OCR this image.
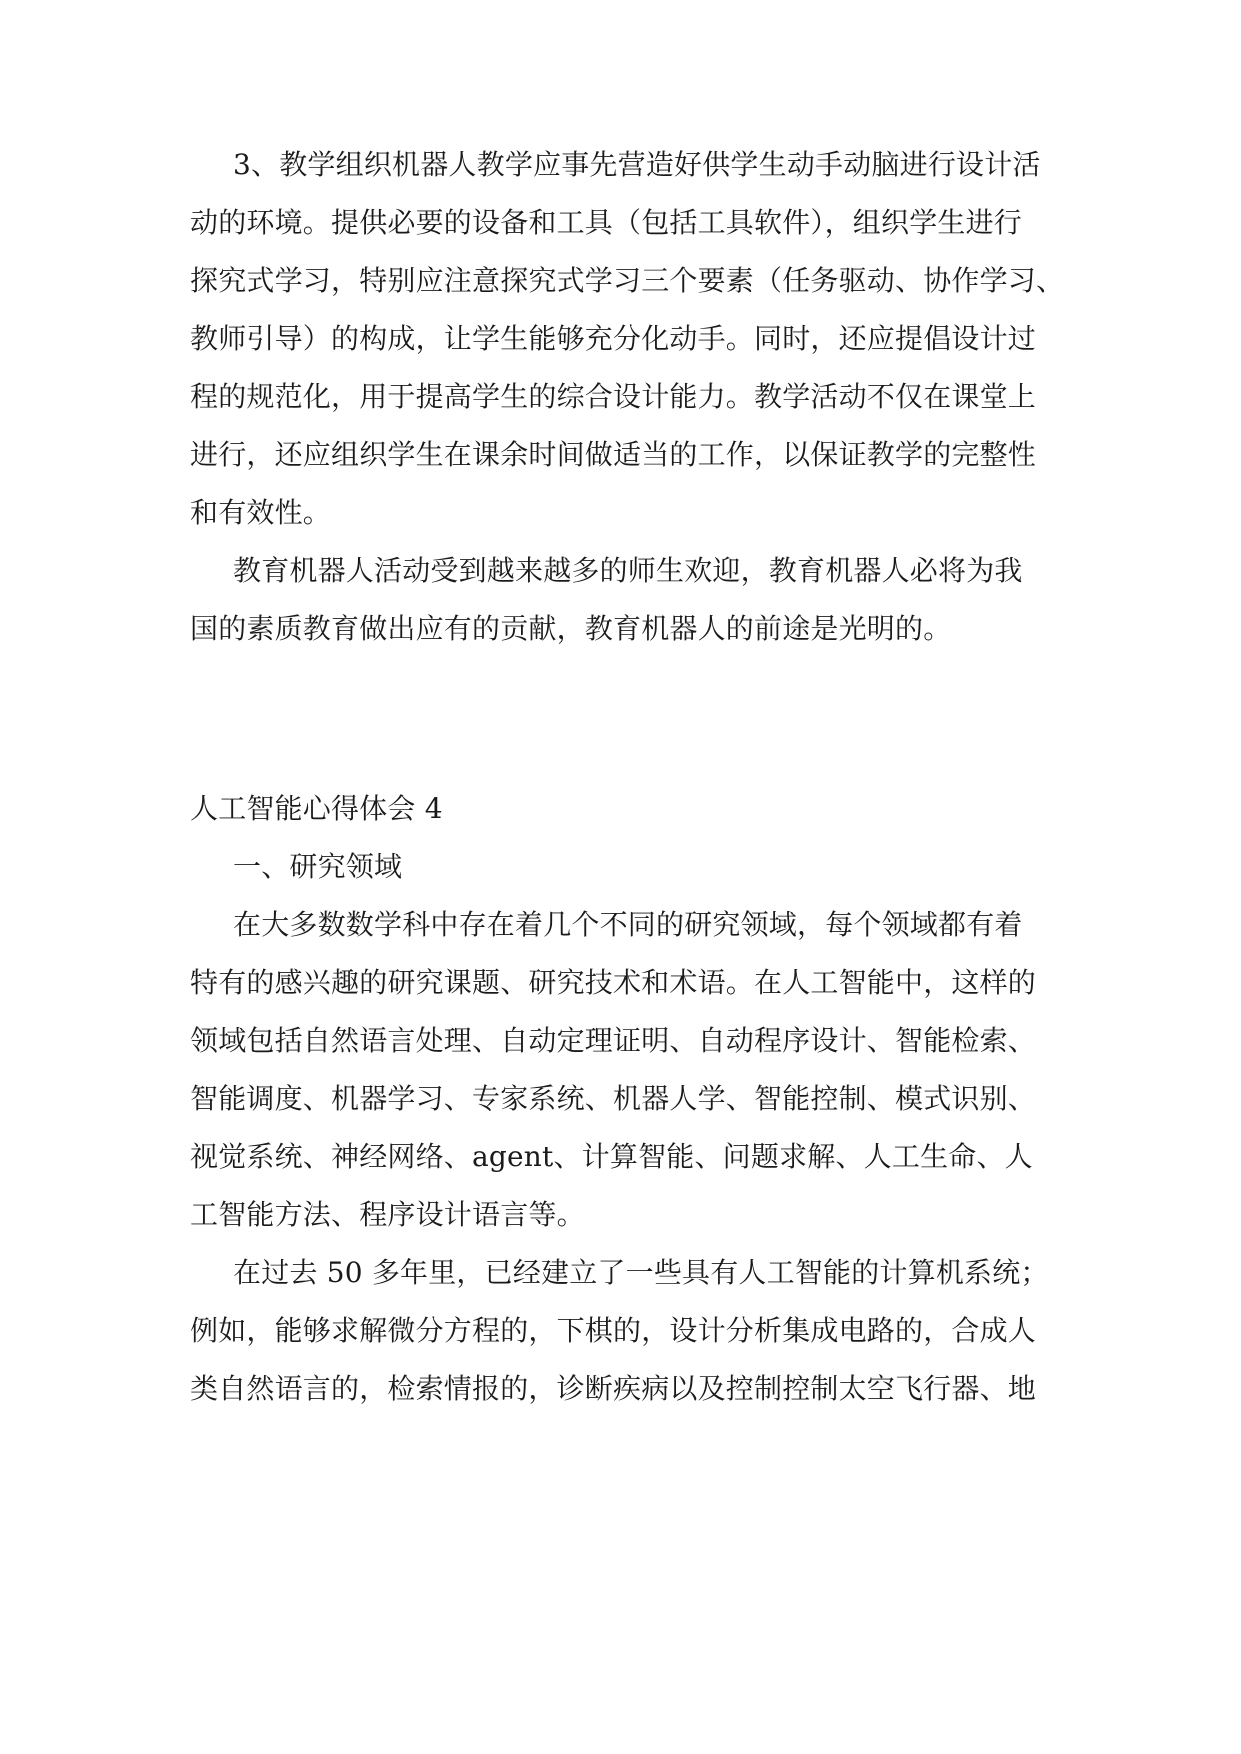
3、教学组织机器人教学应事先营造好供学生动手动脑进行设计活
动的环境。提供必要的设备和工具（包括工具软件），组织学生进行
探究式学习，特别应注意探究式学习三个要素（任务驱动、协作学习、
教师引导）的构成，让学生能够充分化动手。同时，还应提倡设计过
程的规范化，用于提高学生的综合设计能力。教学活动不仅在课堂上
进行，还应组织学生在课余时间做适当的工作，以保证教学的完整性
和有效性。
教育机器人活动受到越来越多的师生欢迎，教育机器人必将为我
国的素质教育做出应有的贡献，教育机器人的前途是光明的。
人工智能心得体会 4
一、研究领域
在大多数数学科中存在着几个不同的研究领域，每个领域都有着
特有的感兴趣的研究课题、研究技术和术语。在人工智能中，这样的
领域包括自然语言处理、自动定理证明、自动程序设计、智能检索、
智能调度、机器学习、专家系统、机器人学、智能控制、模式识别、
视觉系统、神经网络、agent、计算智能、问题求解、人工生命、人
工智能方法、程序设计语言等。
在过去 50 多年里，已经建立了一些具有人工智能的计算机系统；
例如，能够求解微分方程的，下棋的，设计分析集成电路的，合成人
类自然语言的，检索情报的，诊断疾病以及控制控制太空飞行器、地
